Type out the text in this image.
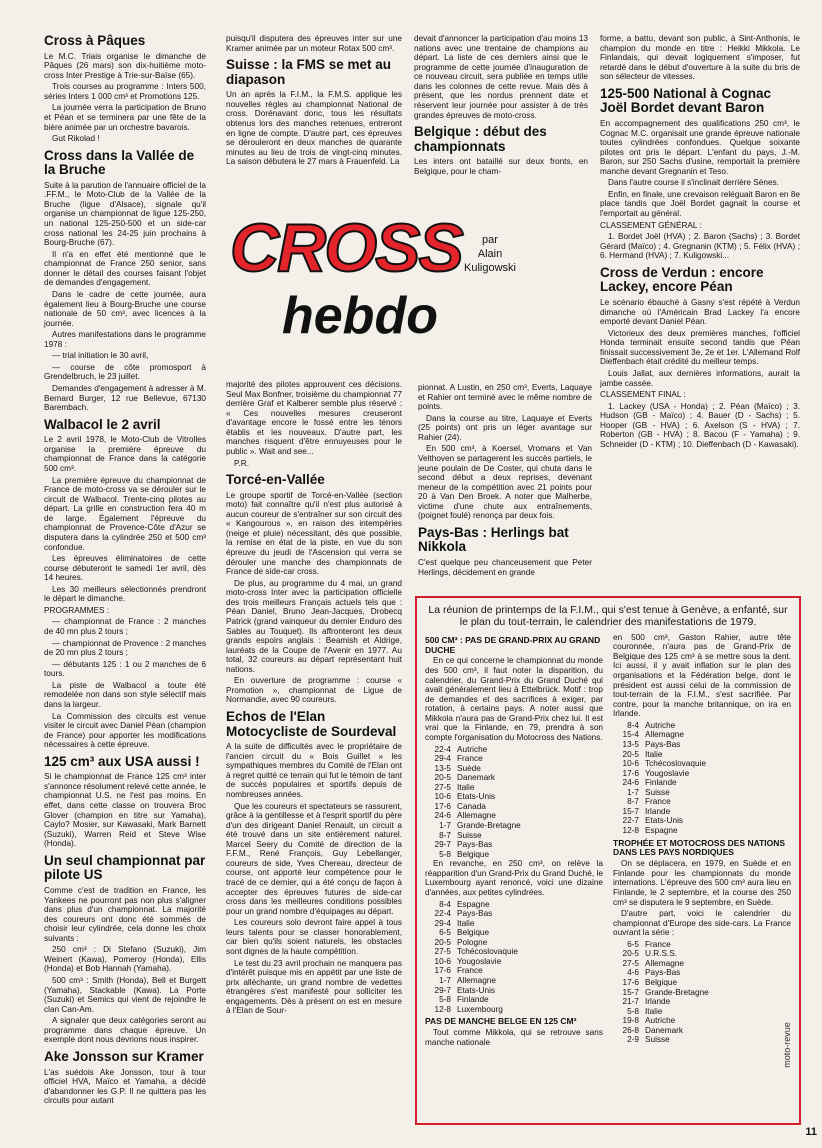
Cross à Pâques

Le M.C. Triais organise le dimanche de Pâques (26 mars) son dix-huitième moto-cross Inter Prestige à Trie-sur-Baïse (65).

Trois courses au programme : Inters 500, séries Inters 1 000 cm³ et Promotions 125.

La journée verra la participation de Bruno et Péan et se terminera par une fête de la bière animée par un orchestre bavarois.

Gut Rikolad !

Cross dans la Vallée de la Bruche

Suite à la parution de l'annuaire officiel de la .FF.M., le Moto-Club de la Vallée de la Bruche (ligue d'Alsace), signale qu'il organise un championnat de ligue 125-250, un national 125-250-500 et un side-car cross national les 24-25 juin prochains à Bourg-Bruche (67).

Il n'a en effet été mentionné que le championnat de France 250 senior, sans donner le détail des courses faisant l'objet de demandes d'engagement.

Dans le cadre de cette journée, aura également lieu à Bourg-Bruche une course nationale de 50 cm³, avec licences à la journée.

Autres manifestations dans le programme 1978 :

— trial initiation le 30 avril,

— course de côte promosport à Grendelbruch, le 23 juillet.

Demandes d'engagement à adresser à M. Bernard Burger, 12 rue Bellevue, 67130 Barembach.

Walbacol le 2 avril

Le 2 avril 1978, le Moto-Club de Vitrolles organise la première épreuve du championnat de France dans la catégorie 500 cm³.

La première épreuve du championnat de France de moto-cross va se dérouler sur le circuit de Walbacol. Trente-cinq pilotes au départ. La grille en construction fera 40 m de large. Également l'épreuve du championnat de Provence-Côte d'Azur se disputera dans la cylindrée 250 et 500 cm³ confondue.

Les épreuves éliminatoires de cette course débuteront le samedi 1er avril, dès 14 heures.

Les 30 meilleurs sélectionnés prendront le départ le dimanche.

PROGRAMMES :

— championnat de France : 2 manches de 40 mn plus 2 tours ;

— championnat de Provence : 2 manches de 20 mn plus 2 tours ;

— débutants 125 : 1 ou 2 manches de 6 tours.

La piste de Walbacol a toute été remodelée non dans son style sélectif mais dans la largeur.

La Commission des circuits est venue visiter le circuit avec Daniel Péan (champion de France) pour apporter les modifications nécessaires à cette épreuve.

125 cm³ aux USA aussi !

Si le championnat de France 125 cm³ inter s'annonce résolument relevé cette année, le championnat U.S. ne l'est pas moins. En effet, dans cette classe on trouvera Broc Glover (champion en titre sur Yamaha), Caylo? Mosier, sur Kawasaki, Mark Barnett (Suzuki), Warren Reid et Steve Wise (Honda).

Un seul championnat par pilote US

Comme c'est de tradition en France, les Yankees ne pourront pas non plus s'aligner dans plus d'un championnat. La majorité des coureurs ont donc été sommés de choisir leur cylindrée, cela donne les choix suivants :

250 cm³ : Di Stefano (Suzuki), Jim Weinert (Kawa), Pomeroy (Honda), Ellis (Honda) et Bob Hannah (Yamaha).

500 cm³ : Smith (Honda), Bell et Burgett (Yamaha), Stackable (Kawa). La Porte (Suzuki) et Semics qui vient de rejoindre le clan Can-Am.

A signaler que deux catégories seront au programme dans chaque épreuve. Un exemple dont nous devrions nous inspirer.

Ake Jonsson sur Kramer

L'as suédois Ake Jonsson, tour à tour officiel HVA, Maïco et Yamaha, a décidé d'abandonner les G.P. Il ne quittera pas les circuits pour autant

puisqu'il disputera des épreuves inter sur une Kramer animée par un moteur Rotax 500 cm³.

Suisse : la FMS se met au diapason

Un an après la F.I.M., la F.M.S. applique les nouvelles règles au championnat National de cross. Dorénavant donc, tous les résultats obtenus lors des manches retenues, entreront en ligne de compte. D'autre part, ces épreuves se dérouleront en deux manches de quarante minutes au lieu de trois de vingt-cinq minutes. La saison débutera le 27 mars à Frauenfeld. La

devait d'annoncer la participation d'au moins 13 nations avec une trentaine de champions au départ. La liste de ces derniers ainsi que le programme de cette journée d'inauguration de ce nouveau circuit, sera publiée en temps utile dans les colonnes de cette revue. Mais dès à présent, que les nordus prennent date et réservent leur journée pour assister à de très grandes épreuves de moto-cross.

Belgique : début des championnats

Les inters ont bataillé sur deux fronts, en Belgique, pour le cham-

forme, a battu, devant son public, à Sint-Anthonis, le champion du monde en titre : Heikki Mikkola. Le Finlandais, qui devait logiquement s'imposer, fut retardé dans le début d'ouverture à la suite du bris de son sélecteur de vitesses.

125-500 National à Cognac Joël Bordet devant Baron

En accompagnement des qualifications 250 cm³, le Cognac M.C. organisait une grande épreuve nationale toutes cylindrées confondues. Quelque soixante pilotes ont pris le départ. L'enfant du pays, J.-M. Baron, sur 250 Sachs d'usine, remportait la première manche devant Gregnanin et Teso.

Dans l'autre course il s'inclinait derrière Sènes.

Enfin, en finale, une crevaison reléguait Baron en 8e place tandis que Joël Bordet gagnait la course et l'emportait au général.

CLASSEMENT GÉNÉRAL :

1. Bordet Joël (HVA) ; 2. Baron (Sachs) ; 3. Bordet Gérard (Maïco) ; 4. Gregnanin (KTM) ; 5. Félix (HVA) ; 6. Hermand (HVA) ; 7. Kuligowski...

Cross de Verdun : encore Lackey, encore Péan

Le scénario ébauché à Gasny s'est répété à Verdun dimanche où l'Américain Brad Lackey l'a encore emporté devant Daniel Péan.

Victorieux des deux premières manches, l'officiel Honda terminait ensuite second tandis que Péan finissait successivement 3e, 2e et 1er. L'Allemand Rolf Dieffenbach était crédité du meilleur temps.

Louis Jallat, aux dernières informations, aurait la jambe cassée.

CLASSEMENT FINAL :

1. Lackey (USA - Honda) ; 2. Péan (Maïco) ; 3. Hudson (GB - Maïco) ; 4. Bauer (D - Sachs) ; 5. Hooper (GB - HVA) ; 6. Axelson (S - HVA) ; 7. Roberton (GB - HVA) ; 8. Bacou (F - Yamaha) ; 9. Schneider (D - KTM) ; 10. Dieffenbach (D - Kawasaki).

CROSS
hebdo
par
Alain
Kuligowski

majorité des pilotes approuvent ces décisions. Seul Max Bonfner, troisième du championnat 77 derrière Graf et Kalberer semble plus réservé : « Ces nouvelles mesures creuseront d'avantage encore le fossé entre les ténors établis et les nouveaux. D'autre part, les manches risquent d'être ennuyeuses pour le public ». Wait and see...

P.R.

Torcé-en-Vallée

Le groupe sportif de Torcé-en-Vallée (section moto) fait connaître qu'il n'est plus autorisé à aucun coureur de s'entraîner sur son circuit des « Kangourous », en raison des intempéries (neige et pluie) nécessitant, dès que possible, la remise en état de la piste, en vue du son épreuve du jeudi de l'Ascension qui verra se dérouler une manche des championnats de France de side-car cross.

De plus, au programme du 4 mai, un grand moto-cross Inter avec la participation officielle des trois meilleurs Français actuels tels que : Péan Daniel, Bruno Jean-Jacques, Drobecq Patrick (grand vainqueur du dernier Enduro des Sables au Touquet). Ils affronteront les deux grands espoirs anglais : Beamish et Aldrige, lauréats de la Coupe de l'Avenir en 1977. Au total, 32 coureurs au départ représentant huit nations.

En ouverture de programme : course « Promotion », championnat de Ligue de Normandie, avec 90 coureurs.

Echos de l'Elan Motocycliste de Sourdeval

A la suite de difficultés avec le propriétaire de l'ancien circuit du « Bois Guillet » les sympathiques membres du Comité de l'Elan ont à regret quitté ce terrain qui fut le témoin de tant de succès populaires et sportifs depuis de nombreuses années.

Que les coureurs et spectateurs se rassurent, grâce à la gentillesse et à l'esprit sportif du père d'un des dirigeant Daniel Renault, un circuit a été trouvé dans un site entièrement naturel. Marcel Seery du Comité de direction de la F.F.M., René François, Guy Lebellanger, coureurs de side, Yves Chereau, directeur de course, ont apporté leur compétence pour le tracé de ce dernier, qui a été conçu de façon à accepter des épreuves futures de side-car cross dans les meilleures conditions possibles pour un grand nombre d'équipages au départ.

Les coureurs solo devront faire appel à tous leurs talents pour se classer honorablement, car bien qu'ils soient naturels, les obstacles sont dignes de la haute compétition.

Le test du 23 avril prochain ne manquera pas d'intérêt puisque mis en appétit par une liste de prix alléchante, un grand nombre de vedettes étrangères s'est manifesté pour solliciter les engagements. Dès à présent on est en mesure à l'Elan de Sour-

pionnat. A Lustin, en 250 cm³, Everts, Laquaye et Rahier ont terminé avec le même nombre de points.

Dans la course au titre, Laquaye et Everts (25 points) ont pris un léger avantage sur Rahier (24).

En 500 cm³, à Koersel, Vromans et Van Velthoven se partagerent les succès partiels, le jeune poulain de De Coster, qui chuta dans le second début a deux reprises, devenant meneur de la compétition avec 21 points pour 20 à Van Den Broek. A noter que Malherbe, victime d'une chute aux entraînements, (poignet foulé) renonça par deux fois.

Pays-Bas : Herlings bat Nikkola

C'est quelque peu chanceusement que Peter Herlings, décidement en grande

La réunion de printemps de la F.I.M., qui s'est tenue à Genève, a enfanté, sur le plan du tout-terrain, le calendrier des manifestations de 1979.
500 CM³ : PAS DE GRAND-PRIX AU GRAND DUCHE

En ce qui concerne le championnat du monde des 500 cm³, il faut noter la disparition, du calendrier, du Grand-Prix du Grand Duché qui avait généralement lieu à Ettelbrück. Motif : trop de demandes et des sacrifices à exiger, par rotation, à certains pays. A noter aussi que Mikkola n'aura pas de Grand-Prix chez lui. Il est vrai que la Finlande, en 79, prendra à son compte l'organisation du Motocross des Nations.

22-4 Autriche
29-4 France
13-5 Suède
20-5 Danemark
27-5 Italie
10-6 Etats-Unis
17-6 Canada
24-6 Allemagne
1-7 Grande-Bretagne
8-7 Suisse
29-7 Pays-Bas
5-8 Belgique

En revanche, en 250 cm³, on relève la réapparition d'un Grand-Prix du Grand Duché, le Luxembourg ayant renoncé, voici une dizaine d'années, aux petites cylindrées.

8-4 Espagne
22-4 Pays-Bas
29-4 Italie
6-5 Belgique
20-5 Pologne
27-5 Tchécoslovaquie
10-6 Yougoslavie
17-6 France
1-7 Allemagne
29-7 Etats-Unis
5-8 Finlande
12-8 Luxembourg
PAS DE MANCHE BELGE EN 125 CM³

Tout comme Mikkola, qui se retrouve sans manche nationale

en 500 cm³, Gaston Rahier, autre tête couronnée, n'aura pas de Grand-Prix de Belgique des 125 cm³ à se mettre sous la dent. Ici aussi, il y avait inflation sur le plan des organisations et la Fédération belge, dont le président est aussi celui de la commission de tout-terrain de la F.I.M., s'est sacrifiée. Par contre, pour la manche britannique, on ira en Irlande.

8-4 Autriche
15-4 Allemagne
13-5 Pays-Bas
20-5 Italie
10-6 Tchécoslovaquie
17-6 Yougoslavie
24-6 Finlande
1-7 Suisse
8-7 France
15-7 Irlande
22-7 Etats-Unis
12-8 Espagne
TROPHÉE ET MOTOCROSS DES NATIONS DANS LES PAYS NORDIQUES

On se déplacera, en 1979, en Suède et en Finlande pour les championnats du monde internations. L'épreuve des 500 cm³ aura lieu en Finlande, le 2 septembre, et la course des 250 cm³ se disputera le 9 septembre, en Suède.

D'autre part, voici le calendrier du championnat d'Europe des side-cars. La France ouvrant la série :

6-5 France
20-5 U.R.S.S.
27-5 Allemagne
4-6 Pays-Bas
17-6 Belgique
15-7 Grande-Bretagne
21-7 Irlande
5-8 Italie
19-8 Autriche
26-8 Danemark
2-9 Suisse	moto-revue
11
